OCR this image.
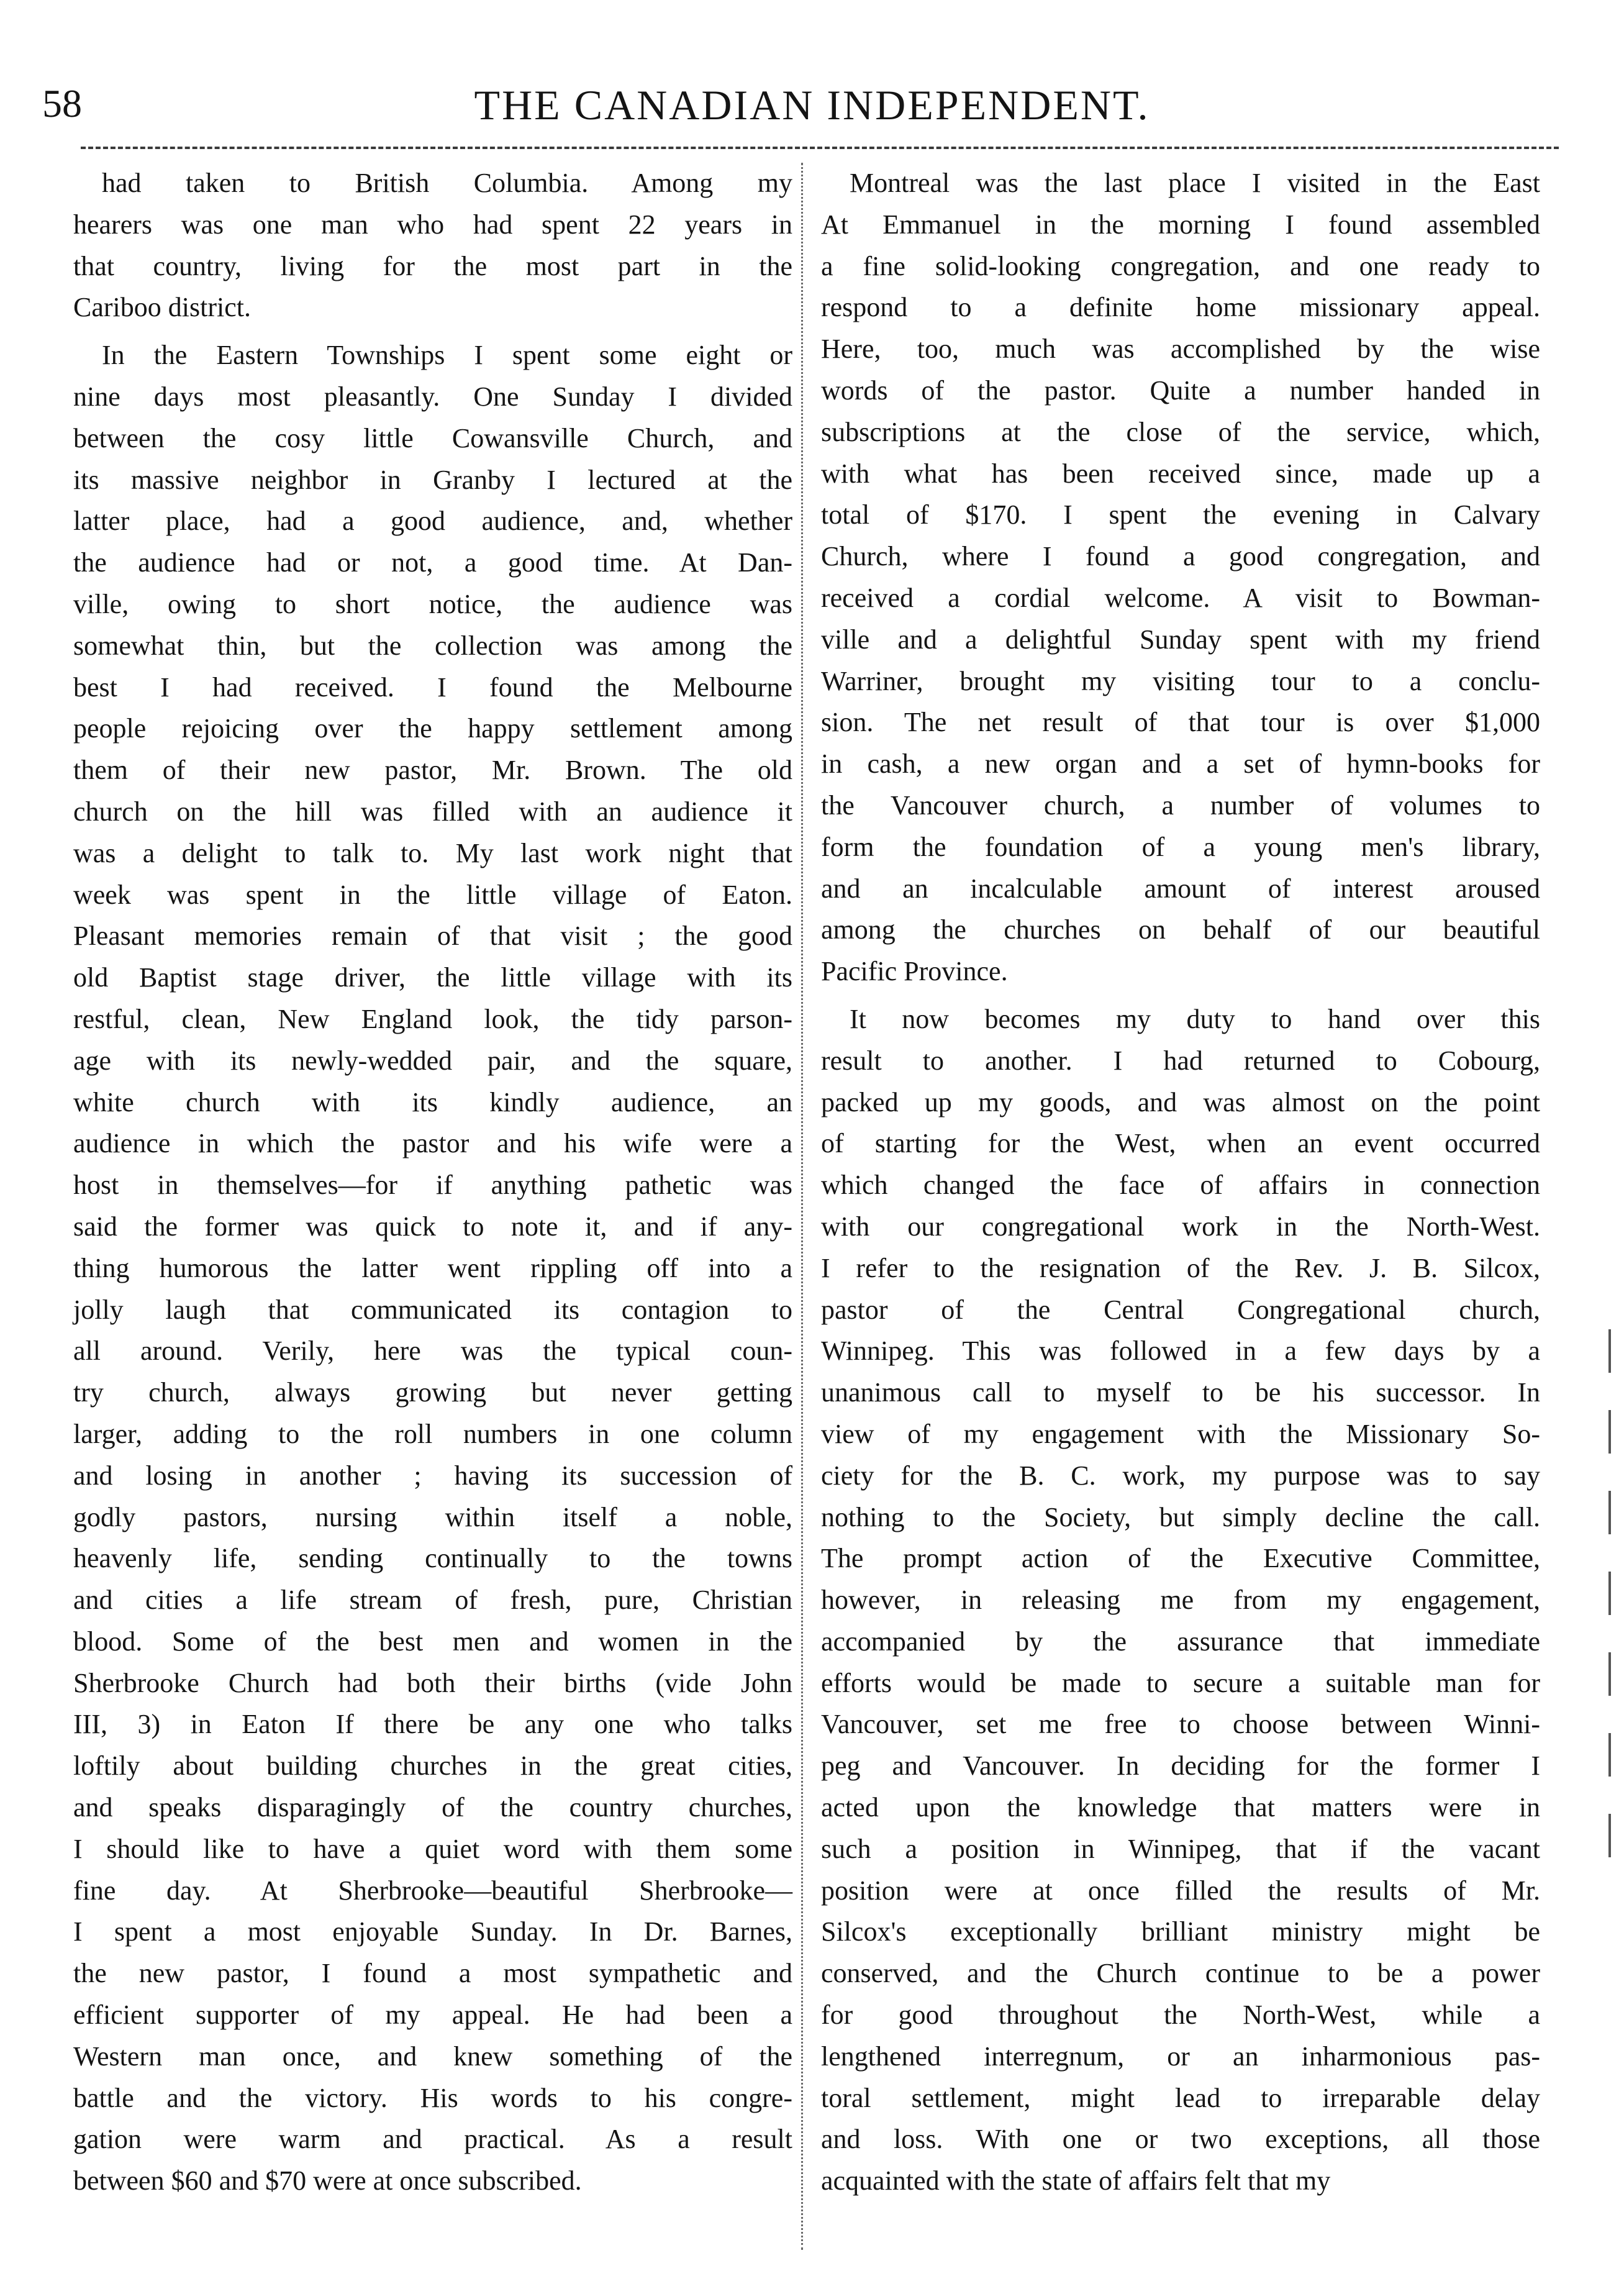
58	THE CANADIAN INDEPENDENT.
had taken to British Columbia. Among my
hearers was one man who had spent 22 years in
that country, living for the most part in the
Cariboo district.
In the Eastern Townships I spent some eight or
nine days most pleasantly. One Sunday I divided
between the cosy little Cowansville Church, and
its massive neighbor in Granby I lectured at the
latter place, had a good audience, and, whether
the audience had or not, a good time. At Dan-
ville, owing to short notice, the audience was
somewhat thin, but the collection was among the
best I had received. I found the Melbourne
people rejoicing over the happy settlement among
them of their new pastor, Mr. Brown. The old
church on the hill was filled with an audience it
was a delight to talk to. My last work night that
week was spent in the little village of Eaton.
Pleasant memories remain of that visit ; the good
old Baptist stage driver, the little village with its
restful, clean, New England look, the tidy parson-
age with its newly-wedded pair, and the square,
white church with its kindly audience, an
audience in which the pastor and his wife were a
host in themselves—for if anything pathetic was
said the former was quick to note it, and if any-
thing humorous the latter went rippling off into a
jolly laugh that communicated its contagion to
all around. Verily, here was the typical coun-
try church, always growing but never getting
larger, adding to the roll numbers in one column
and losing in another ; having its succession of
godly pastors, nursing within itself a noble,
heavenly life, sending continually to the towns
and cities a life stream of fresh, pure, Christian
blood. Some of the best men and women in the
Sherbrooke Church had both their births (vide John
III, 3) in Eaton If there be any one who talks
loftily about building churches in the great cities,
and speaks disparagingly of the country churches,
I should like to have a quiet word with them some
fine day. At Sherbrooke—beautiful Sherbrooke—
I spent a most enjoyable Sunday. In Dr. Barnes,
the new pastor, I found a most sympathetic and
efficient supporter of my appeal. He had been a
Western man once, and knew something of the
battle and the victory. His words to his congre-
gation were warm and practical. As a result
between $60 and $70 were at once subscribed.
Montreal was the last place I visited in the East
At Emmanuel in the morning I found assembled
a fine solid-looking congregation, and one ready to
respond to a definite home missionary appeal.
Here, too, much was accomplished by the wise
words of the pastor. Quite a number handed in
subscriptions at the close of the service, which,
with what has been received since, made up a
total of $170. I spent the evening in Calvary
Church, where I found a good congregation, and
received a cordial welcome. A visit to Bowman-
ville and a delightful Sunday spent with my friend
Warriner, brought my visiting tour to a conclu-
sion. The net result of that tour is over $1,000
in cash, a new organ and a set of hymn-books for
the Vancouver church, a number of volumes to
form the foundation of a young men's library,
and an incalculable amount of interest aroused
among the churches on behalf of our beautiful
Pacific Province.
It now becomes my duty to hand over this
result to another. I had returned to Cobourg,
packed up my goods, and was almost on the point
of starting for the West, when an event occurred
which changed the face of affairs in connection
with our congregational work in the North-West.
I refer to the resignation of the Rev. J. B. Silcox,
pastor of the Central Congregational church,
Winnipeg. This was followed in a few days by a
unanimous call to myself to be his successor. In
view of my engagement with the Missionary So-
ciety for the B. C. work, my purpose was to say
nothing to the Society, but simply decline the call.
The prompt action of the Executive Committee,
however, in releasing me from my engagement,
accompanied by the assurance that immediate
efforts would be made to secure a suitable man for
Vancouver, set me free to choose between Winni-
peg and Vancouver. In deciding for the former I
acted upon the knowledge that matters were in
such a position in Winnipeg, that if the vacant
position were at once filled the results of Mr.
Silcox's exceptionally brilliant ministry might be
conserved, and the Church continue to be a power
for good throughout the North-West, while a
lengthened interregnum, or an inharmonious pas-
toral settlement, might lead to irreparable delay
and loss. With one or two exceptions, all those
acquainted with the state of affairs felt that my
